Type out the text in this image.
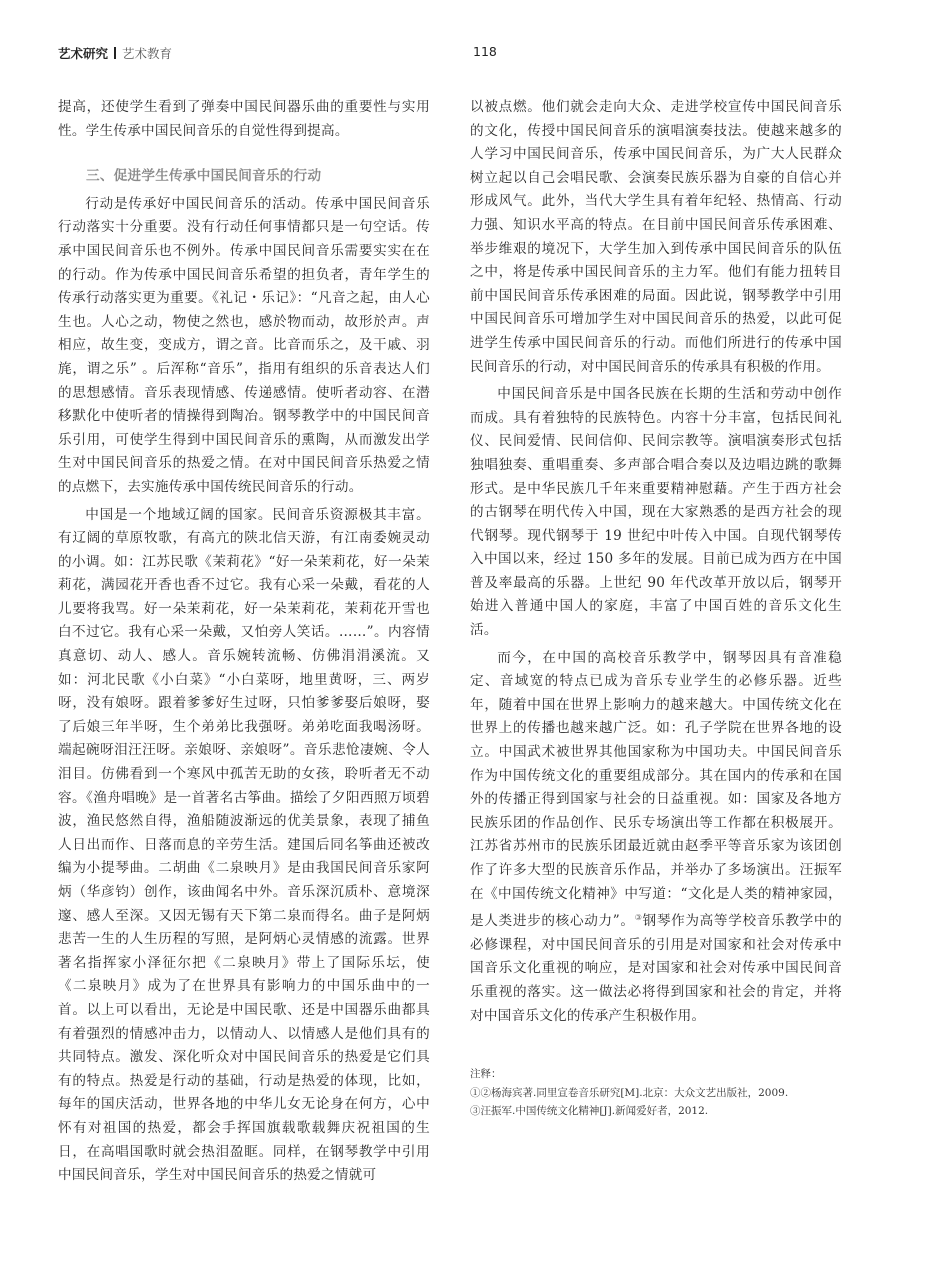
艺术研究 艺术教育	118

提高，还使学生看到了弹奏中国民间器乐曲的重要性与实用性。学生传承中国民间音乐的自觉性得到提高。

三、促进学生传承中国民间音乐的行动

行动是传承好中国民间音乐的活动。传承中国民间音乐行动落实十分重要。没有行动任何事情都只是一句空话。传承中国民间音乐也不例外。传承中国民间音乐需要实实在在的行动。作为传承中国民间音乐希望的担负者，青年学生的传承行动落实更为重要。《礼记・乐记》：“凡音之起，由人心生也。人心之动，物使之然也，感於物而动，故形於声。声相应，故生变，变成方，谓之音。比音而乐之，及干戚、羽旄，谓之乐” 。后浑称“音乐”，指用有组织的乐音表达人们的思想感情。音乐表现情感、传递感情。使听者动容、在潜移默化中使听者的情操得到陶冶。钢琴教学中的中国民间音乐引用，可使学生得到中国民间音乐的熏陶，从而激发出学生对中国民间音乐的热爱之情。在对中国民间音乐热爱之情的点燃下，去实施传承中国传统民间音乐的行动。

中国是一个地域辽阔的国家。民间音乐资源极其丰富。有辽阔的草原牧歌，有高亢的陕北信天游，有江南委婉灵动的小调。如：江苏民歌《茉莉花》“好一朵茉莉花，好一朵茉莉花，满园花开香也香不过它。我有心采一朵戴，看花的人儿要将我骂。好一朵茉莉花，好一朵茉莉花，茉莉花开雪也白不过它。我有心采一朵戴，又怕旁人笑话。……”。内容情真意切、动人、感人。音乐婉转流畅、仿佛涓涓溪流。又如：河北民歌《小白菜》“小白菜呀，地里黄呀，三、两岁呀，没有娘呀。跟着爹爹好生过呀，只怕爹爹娶后娘呀，娶了后娘三年半呀，生个弟弟比我强呀。弟弟吃面我喝汤呀。端起碗呀泪汪汪呀。亲娘呀、亲娘呀”。音乐悲怆凄婉、令人泪目。仿佛看到一个寒风中孤苦无助的女孩，聆听者无不动容。《渔舟唱晚》是一首著名古筝曲。描绘了夕阳西照万顷碧波，渔民悠然自得，渔船随波渐远的优美景象，表现了捕鱼人日出而作、日落而息的辛劳生活。建国后同名筝曲还被改编为小提琴曲。二胡曲《二泉映月》是由我国民间音乐家阿炳（华彦钧）创作，该曲闻名中外。音乐深沉质朴、意境深邃、感人至深。又因无锡有天下第二泉而得名。曲子是阿炳悲苦一生的人生历程的写照，是阿炳心灵情感的流露。世界著名指挥家小泽征尔把《二泉映月》带上了国际乐坛，使《二泉映月》成为了在世界具有影响力的中国乐曲中的一首。以上可以看出，无论是中国民歌、还是中国器乐曲都具有着强烈的情感冲击力，以情动人、以情感人是他们具有的共同特点。激发、深化听众对中国民间音乐的热爱是它们具有的特点。热爱是行动的基础，行动是热爱的体现，比如，每年的国庆活动，世界各地的中华儿女无论身在何方，心中怀有对祖国的热爱，都会手挥国旗载歌载舞庆祝祖国的生日，在高唱国歌时就会热泪盈眶。同样，在钢琴教学中引用中国民间音乐，学生对中国民间音乐的热爱之情就可

以被点燃。他们就会走向大众、走进学校宣传中国民间音乐的文化，传授中国民间音乐的演唱演奏技法。使越来越多的人学习中国民间音乐，传承中国民间音乐，为广大人民群众树立起以自己会唱民歌、会演奏民族乐器为自豪的自信心并形成风气。此外，当代大学生具有着年纪轻、热情高、行动力强、知识水平高的特点。在目前中国民间音乐传承困难、举步维艰的境况下，大学生加入到传承中国民间音乐的队伍之中，将是传承中国民间音乐的主力军。他们有能力扭转目前中国民间音乐传承困难的局面。因此说，钢琴教学中引用中国民间音乐可增加学生对中国民间音乐的热爱，以此可促进学生传承中国民间音乐的行动。而他们所进行的传承中国民间音乐的行动，对中国民间音乐的传承具有积极的作用。

中国民间音乐是中国各民族在长期的生活和劳动中创作而成。具有着独特的民族特色。内容十分丰富，包括民间礼仪、民间爱情、民间信仰、民间宗教等。演唱演奏形式包括独唱独奏、重唱重奏、多声部合唱合奏以及边唱边跳的歌舞形式。是中华民族几千年来重要精神慰藉。产生于西方社会的古钢琴在明代传入中国，现在大家熟悉的是西方社会的现代钢琴。现代钢琴于 19 世纪中叶传入中国。自现代钢琴传入中国以来，经过 150 多年的发展。目前已成为西方在中国普及率最高的乐器。上世纪 90 年代改革开放以后，钢琴开始进入普通中国人的家庭，丰富了中国百姓的音乐文化生活。

而今，在中国的高校音乐教学中，钢琴因具有音准稳定、音域宽的特点已成为音乐专业学生的必修乐器。近些年，随着中国在世界上影响力的越来越大。中国传统文化在世界上的传播也越来越广泛。如：孔子学院在世界各地的设立。中国武术被世界其他国家称为中国功夫。中国民间音乐作为中国传统文化的重要组成部分。其在国内的传承和在国外的传播正得到国家与社会的日益重视。如：国家及各地方民族乐团的作品创作、民乐专场演出等工作都在积极展开。江苏省苏州市的民族乐团最近就由赵季平等音乐家为该团创作了许多大型的民族音乐作品，并举办了多场演出。汪振军在《中国传统文化精神》中写道：“文化是人类的精神家园，是人类进步的核心动力”。③钢琴作为高等学校音乐教学中的必修课程，对中国民间音乐的引用是对国家和社会对传承中国音乐文化重视的响应，是对国家和社会对传承中国民间音乐重视的落实。这一做法必将得到国家和社会的肯定，并将对中国音乐文化的传承产生积极作用。

注释：
①②杨海宾著.同里宣卷音乐研究[M].北京：大众文艺出版社，2009.
③汪振军.中国传统文化精神[J].新闻爱好者，2012.
